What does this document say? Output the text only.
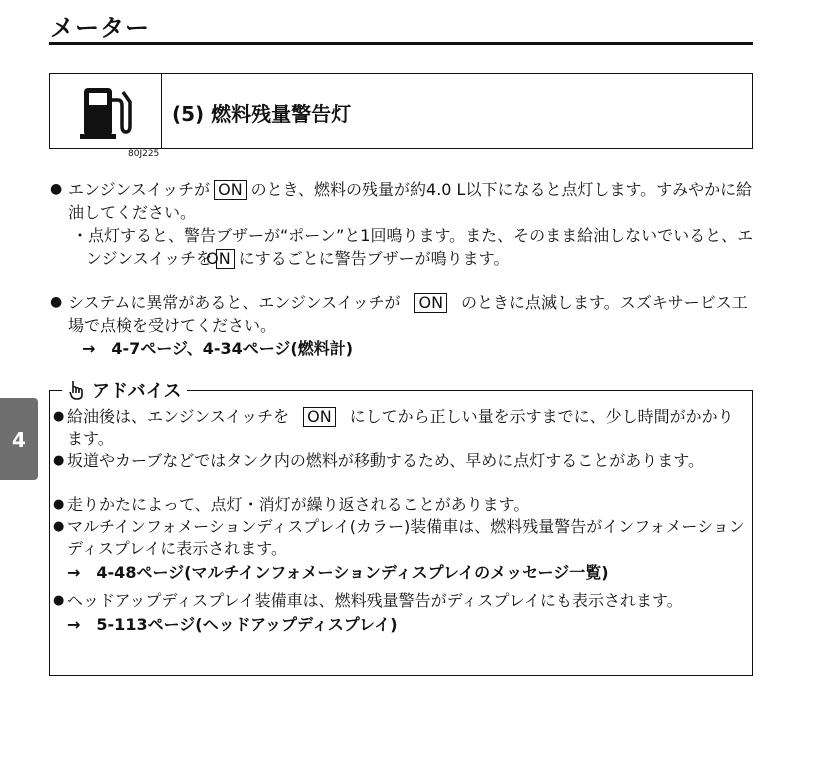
メーター
(5) 燃料残量警告灯
80J225
● エンジンスイッチが ON のとき、燃料の残量が約4.0 L以下になると点灯します。すみやかに給油してください。
・点灯すると、警告ブザーが“ポーン”と1回鳴ります。また、そのまま給油しないでいると、エンジンスイッチをON にするごとに警告ブザーが鳴ります。
● システムに異常があると、エンジンスイッチが ON のときに点滅します。スズキサービス工場で点検を受けてください。
→　4-7ページ、4-34ページ(燃料計)
アドバイス
● 給油後は、エンジンスイッチを ON にしてから正しい量を示すまでに、少し時間がかかります。
● 坂道やカーブなどではタンク内の燃料が移動するため、早めに点灯することがあります。
● 走りかたによって、点灯・消灯が繰り返されることがあります。
● マルチインフォメーションディスプレイ(カラー)装備車は、燃料残量警告がインフォメーションディスプレイに表示されます。
→　4-48ページ(マルチインフォメーションディスプレイのメッセージ一覧)
● ヘッドアップディスプレイ装備車は、燃料残量警告がディスプレイにも表示されます。
→　5-113ページ(ヘッドアップディスプレイ)
4
